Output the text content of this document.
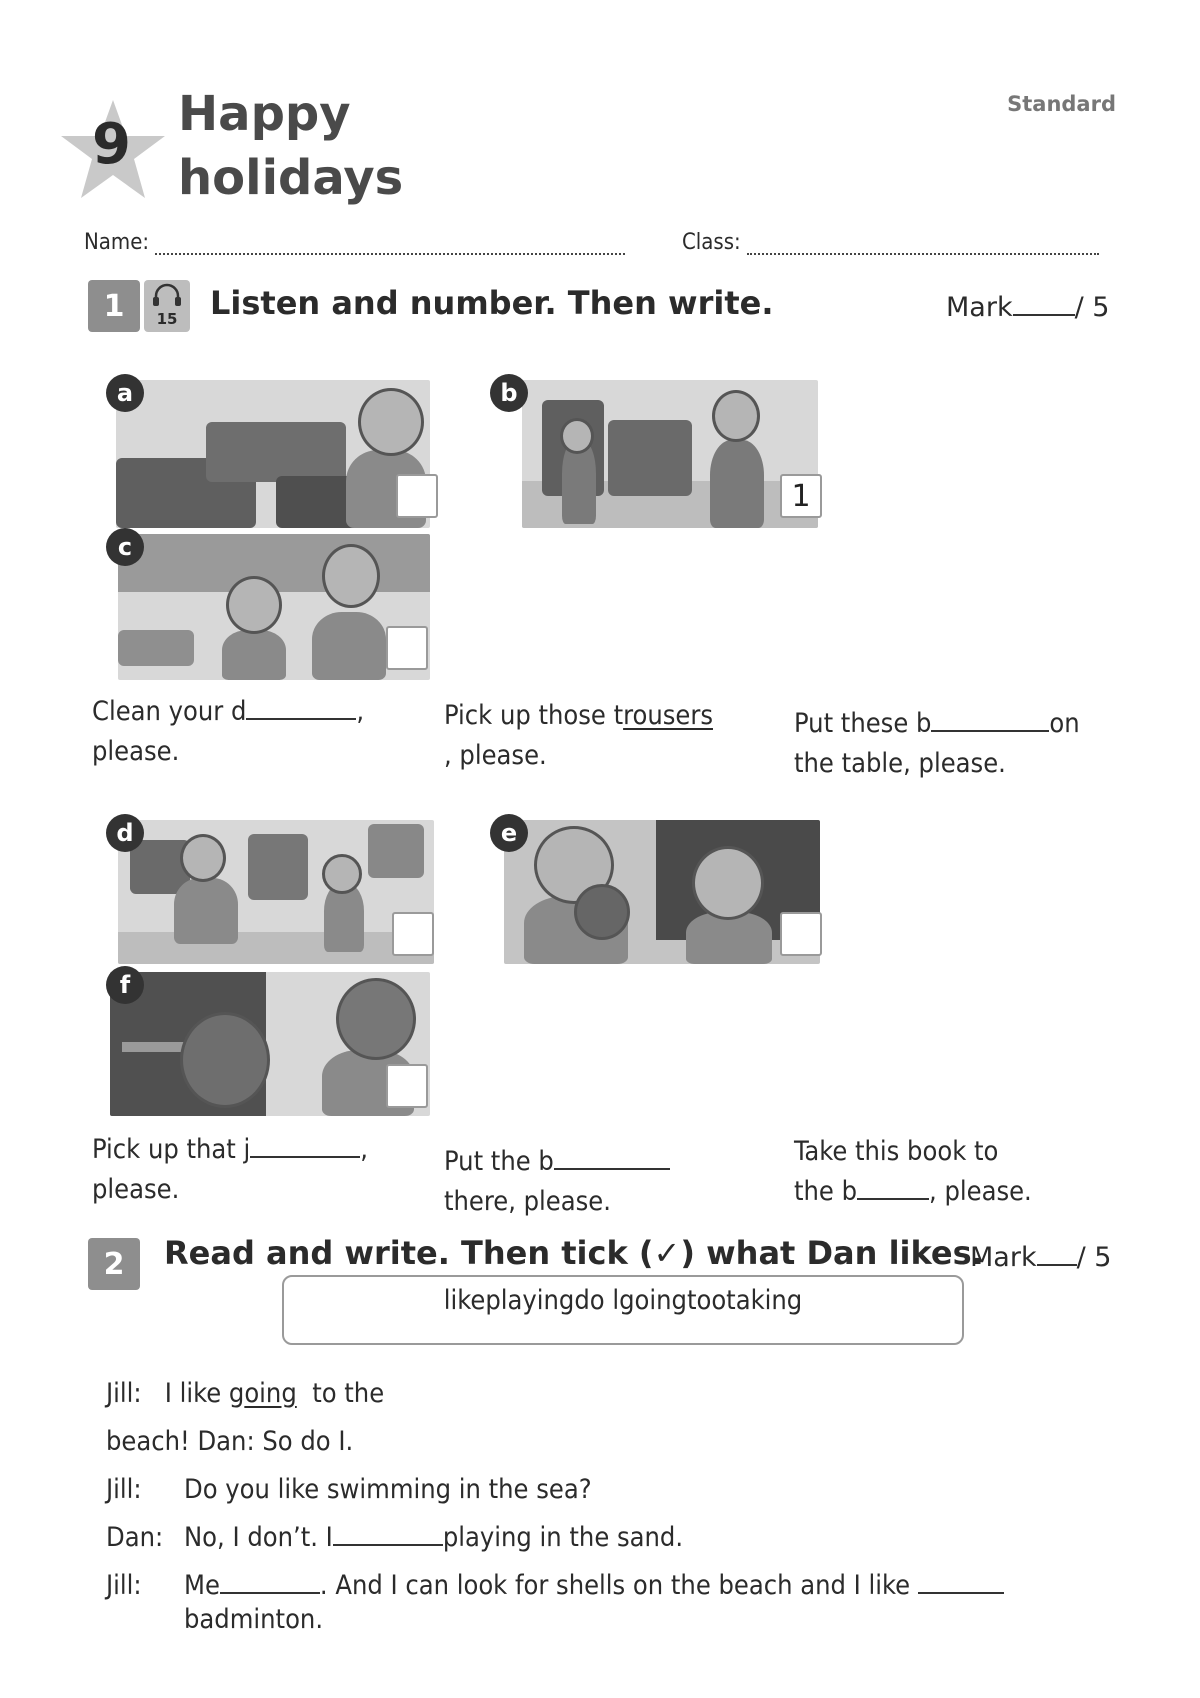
9 Happy
holidays
Standard
Name:	Class:
1	15	Listen and number. Then write.	Mark / 5
a	b
1
c
Clean your d	,
please.
Pick up those trousers
, please.
Put these b	on
the table, please.
d	e
f
Pick up that j	,
please.
Put the b
there, please.
Take this book to
the b	, please.
2	Read and write. Then tick (✓) what Dan likes.
Mark / 5
likeplayingdo lgoingtootaking
Jill: I like going to the
beach! Dan: So do I.
Jill: Do you like swimming in the sea?
Dan: No, I don’t. I	playing in the sand.
Jill: Me	. And I can look for shells on the beach and I like
badminton.
